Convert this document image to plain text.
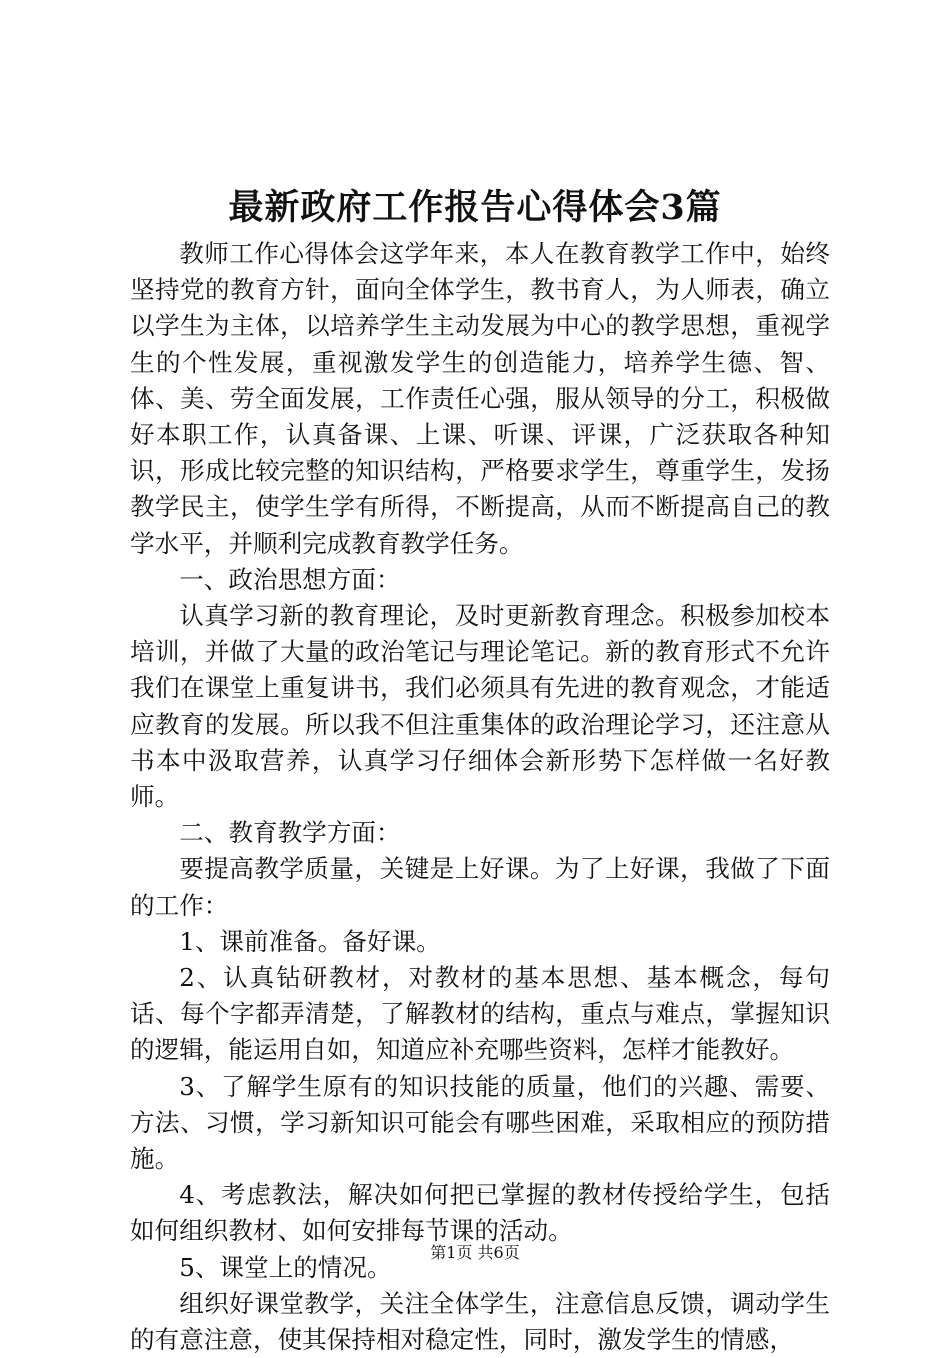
最新政府工作报告心得体会3篇

教师工作心得体会这学年来，本人在教育教学工作中，始终坚持党的教育方针，面向全体学生，教书育人，为人师表，确立以学生为主体，以培养学生主动发展为中心的教学思想，重视学生的个性发展，重视激发学生的创造能力，培养学生德、智、体、美、劳全面发展，工作责任心强，服从领导的分工，积极做好本职工作，认真备课、上课、听课、评课，广泛获取各种知识，形成比较完整的知识结构，严格要求学生，尊重学生，发扬教学民主，使学生学有所得，不断提高，从而不断提高自己的教学水平，并顺利完成教育教学任务。

一、政治思想方面：

认真学习新的教育理论，及时更新教育理念。积极参加校本培训，并做了大量的政治笔记与理论笔记。新的教育形式不允许我们在课堂上重复讲书，我们必须具有先进的教育观念，才能适应教育的发展。所以我不但注重集体的政治理论学习，还注意从书本中汲取营养，认真学习仔细体会新形势下怎样做一名好教师。

二、教育教学方面：

要提高教学质量，关键是上好课。为了上好课，我做了下面的工作：

1、课前准备。备好课。

2、认真钻研教材，对教材的基本思想、基本概念，每句话、每个字都弄清楚，了解教材的结构，重点与难点，掌握知识的逻辑，能运用自如，知道应补充哪些资料，怎样才能教好。

3、了解学生原有的知识技能的质量，他们的兴趣、需要、方法、习惯，学习新知识可能会有哪些困难，采取相应的预防措施。

4、考虑教法，解决如何把已掌握的教材传授给学生，包括如何组织教材、如何安排每节课的活动。

5、课堂上的情况。

组织好课堂教学，关注全体学生，注意信息反馈，调动学生的有意注意，使其保持相对稳定性，同时，激发学生的情感，

第1页 共6页
